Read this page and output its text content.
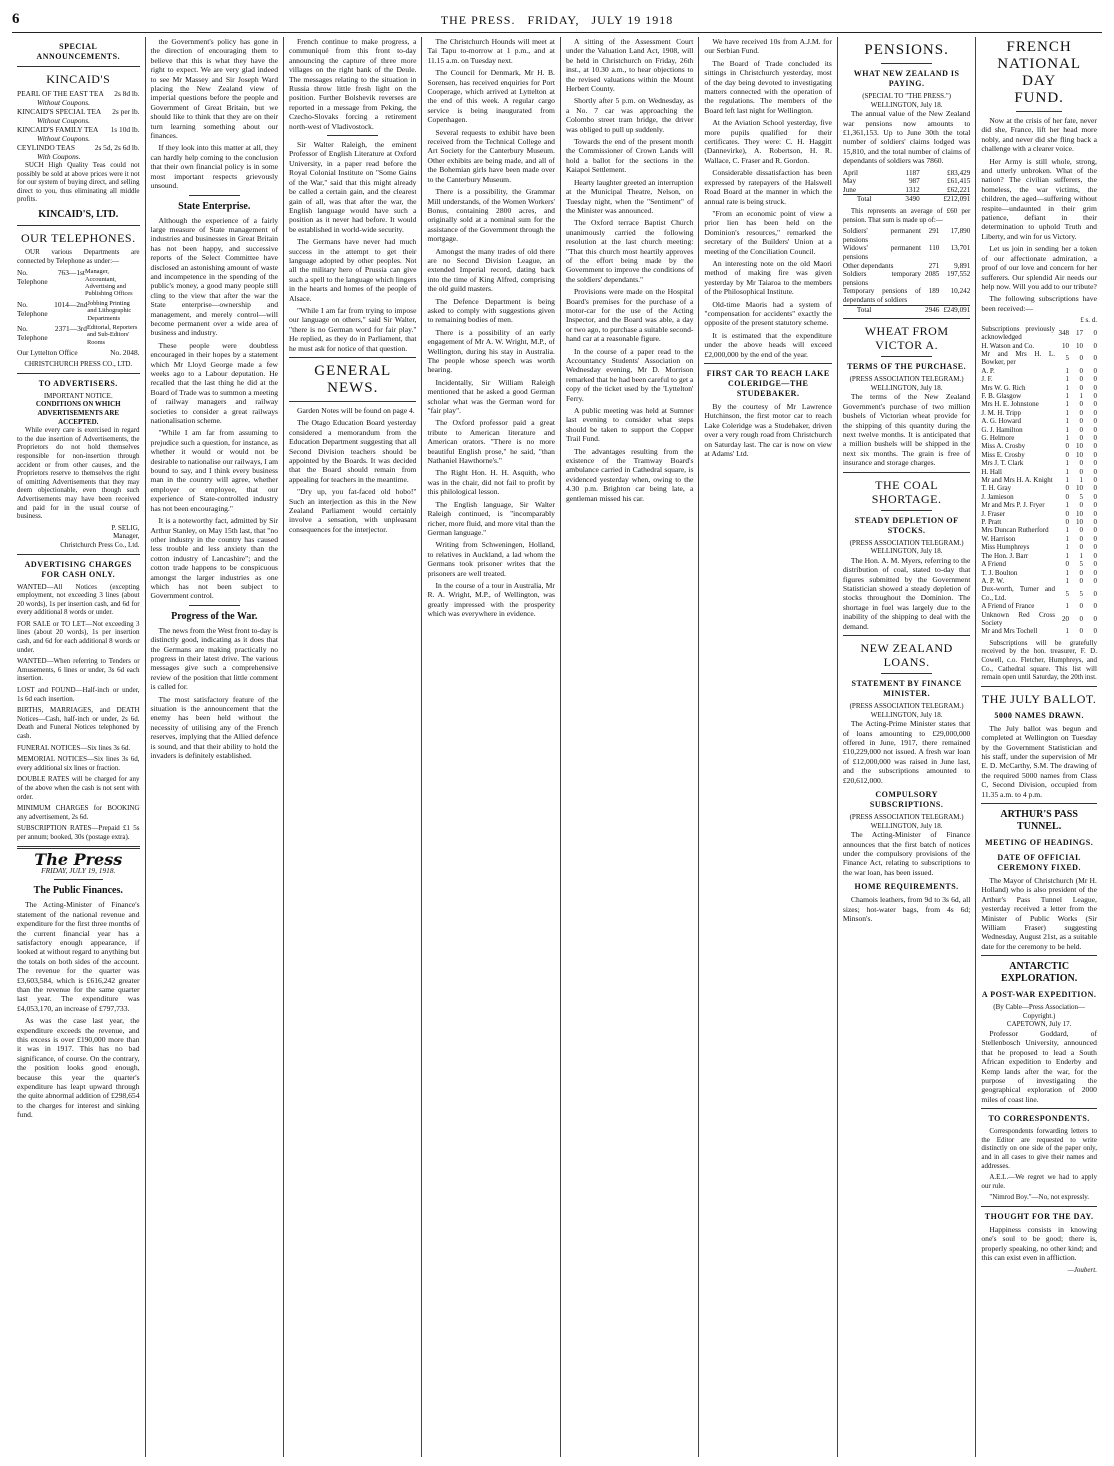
6	THE PRESS. FRIDAY, JULY 19 1918
SPECIAL ANNOUNCEMENTS.
KINCAID'S
PEARL OF THE EAST TEA 2s 8d lb.
Without Coupons.
KINCAID'S SPECIAL TEA 2s per lb.
Without Coupons.
KINCAID'S FAMILY TEA 1s 10d lb.
Without Coupons.
CEYLINDO TEAS	2s 5d, 2s 6d lb.
With Coupons.

SUCH High Quality Teas could not possibly be sold at above prices were it not for our system of buying direct, and selling direct to you, thus eliminating all middle profits.

KINCAID'S, LTD.
OUR TELEPHONES.

OUR various Departments are connected by Telephone as under:—

No. 763—1st Telephone
Manager, Accountant, Advertising and Publishing Offices
No. 1014—2nd Telephone
Jobbing Printing and Lithographic Departments
No. 2371—3rd Telephone
Editorial, Reporters and Sub-Editors' Rooms
Our Lyttelton Office	No. 2048.
CHRISTCHURCH PRESS CO., LTD.
TO ADVERTISERS.
IMPORTANT NOTICE.
CONDITIONS ON WHICH ADVERTISEMENTS ARE ACCEPTED.

While every care is exercised in regard to the due insertion of Advertisements, the Proprietors do not hold themselves responsible for non-insertion through accident or from other causes, and the Proprietors reserve to themselves the right of omitting Advertisements that they may deem objectionable, even though such Advertisements may have been received and paid for in the usual course of business.

P. SELIG,
Manager,
Christchurch Press Co., Ltd.
ADVERTISING CHARGES FOR CASH ONLY.

WANTED—All Notices (excepting employment, not exceeding 3 lines (about 20 words), 1s per insertion cash, and 6d for every additional 8 words or under.

FOR SALE or TO LET—Not exceeding 3 lines (about 20 words), 1s per insertion cash, and 6d for each additional 8 words or under.

WANTED—When referring to Tenders or Amusements, 6 lines or under, 3s 6d each insertion.

LOST and FOUND—Half-inch or under, 1s 6d each insertion.

BIRTHS, MARRIAGES, and DEATH Notices—Cash, half-inch or under, 2s 6d. Death and Funeral Notices telephoned by cash.

FUNERAL NOTICES—Six lines 3s 6d.

MEMORIAL NOTICES—Six lines 3s 6d, every additional six lines or fraction.

DOUBLE RATES will be charged for any of the above when the cash is not sent with order.

MINIMUM CHARGES for BOOKING any advertisement, 2s 6d.

SUBSCRIPTION RATES—Prepaid £1 5s per annum; booked, 30s (postage extra).

The Press
FRIDAY, JULY 19, 1918.
The Public Finances.

The Acting-Minister of Finance's statement of the national revenue and expenditure for the first three months of the current financial year has a satisfactory enough appearance, if looked at without regard to anything but the totals on both sides of the account. The revenue for the quarter was £3,603,584, which is £616,242 greater than the revenue for the same quarter last year. The expenditure was £4,053,170, an increase of £797,733.

As was the case last year, the expenditure exceeds the revenue, and this excess is over £190,000 more than it was in 1917. This has no bad significance, of course. On the contrary, the position looks good enough, because this year the quarter's expenditure has leapt upward through the quite abnormal addition of £298,654 to the charges for interest and sinking fund.

the Government's policy has gone in the direction of encouraging them to believe that this is what they have the right to expect. We are very glad indeed to see Mr Massey and Sir Joseph Ward placing the New Zealand view of imperial questions before the people and Government of Great Britain, but we should like to think that they are on their turn learning something about our finances.

If they look into this matter at all, they can hardly help coming to the conclusion that their own financial policy is in some most important respects grievously unsound.

State Enterprise.

Although the experience of a fairly large measure of State management of industries and businesses in Great Britain has not been happy, and successive reports of the Select Committee have disclosed an astonishing amount of waste and incompetence in the spending of the public's money, a good many people still cling to the view that after the war the State enterprise—ownership and management, and merely control—will become permanent over a wide area of business and industry.

These people were doubtless encouraged in their hopes by a statement which Mr Lloyd George made a few weeks ago to a Labour deputation. He recalled that the last thing he did at the Board of Trade was to summon a meeting of railway managers and railway societies to consider a great railways nationalisation scheme.

"While I am far from assuming to prejudice such a question, for instance, as whether it would or would not be desirable to nationalise our railways, I am bound to say, and I think every business man in the country will agree, whether employer or employee, that our experience of State-controlled industry has not been encouraging."

It is a noteworthy fact, admitted by Sir Arthur Stanley, on May 15th last, that "no other industry in the country has caused less trouble and less anxiety than the cotton industry of Lancashire"; and the cotton trade happens to be conspicuous amongst the larger industries as one which has not been subject to Government control.

Progress of the War.

The news from the West front to-day is distinctly good, indicating as it does that the Germans are making practically no progress in their latest drive. The various messages give such a comprehensive review of the position that little comment is called for.

The most satisfactory feature of the situation is the announcement that the enemy has been held without the necessity of utilising any of the French reserves, implying that the Allied defence is sound, and that their ability to hold the invaders is definitely established.

French continue to make progress, a communiqué from this front to-day announcing the capture of three more villages on the right bank of the Deule. The messages relating to the situation in Russia throw little fresh light on the position. Further Bolshevik reverses are reported in a message from Peking, the Czecho-Slovaks forcing a retirement north-west of Vladivostock.

Sir Walter Raleigh, the eminent Professor of English Literature at Oxford University, in a paper read before the Royal Colonial Institute on "Some Gains of the War," said that this might already be called a certain gain, and the clearest gain of all, was that after the war, the English language would have such a position as it never had before. It would be established in world-wide security.

The Germans have never had much success in the attempt to get their language adopted by other peoples. Not all the military hero of Prussia can give such a spell to the language which lingers in the hearts and homes of the people of Alsace.

"While I am far from trying to impose our language on others," said Sir Walter, "there is no German word for fair play." He replied, as they do in Parliament, that he must ask for notice of that question.

GENERAL NEWS.

Garden Notes will be found on page 4.

The Otago Education Board yesterday considered a memorandum from the Education Department suggesting that all Second Division teachers should be appointed by the Boards. It was decided that the Board should remain from appealing for teachers in the meantime.

"Dry up, you fat-faced old hobo!" Such an interjection as this in the New Zealand Parliament would certainly involve a sensation, with unpleasant consequences for the interjector.

The Christchurch Hounds will meet at Tai Tapu to-morrow at 1 p.m., and at 11.15 a.m. on Tuesday next.

The Council for Denmark, Mr H. B. Sorensen, has received enquiries for Port Cooperage, which arrived at Lyttelton at the end of this week. A regular cargo service is being inaugurated from Copenhagen.

Several requests to exhibit have been received from the Technical College and Art Society for the Canterbury Museum. Other exhibits are being made, and all of the Bohemian girls have been made over to the Canterbury Museum.

There is a possibility, the Grammar Mill understands, of the Women Workers' Bonus, containing 2800 acres, and originally sold at a nominal sum for the assistance of the Government through the mortgage.

Amongst the many trades of old there are no Second Division League, an extended Imperial record, dating back into the time of King Alfred, comprising the old guild masters.

The Defence Department is being asked to comply with suggestions given to remaining bodies of men.

There is a possibility of an early engagement of Mr A. W. Wright, M.P., of Wellington, during his stay in Australia. The people whose speech was worth hearing.

Incidentally, Sir William Raleigh mentioned that he asked a good German scholar what was the German word for "fair play".

The Oxford professor paid a great tribute to American literature and American orators. "There is no more beautiful English prose," he said, "than Nathaniel Hawthorne's."

The Right Hon. H. H. Asquith, who was in the chair, did not fail to profit by this philological lesson.

The English language, Sir Walter Raleigh continued, is "incomparably richer, more fluid, and more vital than the German language."

Writing from Schweningen, Holland, to relatives in Auckland, a lad whom the Germans took prisoner writes that the prisoners are well treated.

In the course of a tour in Australia, Mr R. A. Wright, M.P., of Wellington, was greatly impressed with the prosperity which was everywhere in evidence.

A sitting of the Assessment Court under the Valuation Land Act, 1908, will be held in Christchurch on Friday, 26th inst., at 10.30 a.m., to hear objections to the revised valuations within the Mount Herbert County.

Shortly after 5 p.m. on Wednesday, as a No. 7 car was approaching the Colombo street tram bridge, the driver was obliged to pull up suddenly.

Towards the end of the present month the Commissioner of Crown Lands will hold a ballot for the sections in the Kaiapoi Settlement.

Hearty laughter greeted an interruption at the Municipal Theatre, Nelson, on Tuesday night, when the "Sentiment" of the Minister was announced.

The Oxford terrace Baptist Church unanimously carried the following resolution at the last church meeting: "That this church most heartily approves of the effort being made by the Government to improve the conditions of the soldiers' dependants."

Provisions were made on the Hospital Board's premises for the purchase of a motor-car for the use of the Acting Inspector, and the Board was able, a day or two ago, to purchase a suitable second-hand car at a reasonable figure.

In the course of a paper read to the Accountancy Students' Association on Wednesday evening, Mr D. Morrison remarked that he had been careful to get a copy of the ticket used by the 'Lyttelton' Ferry.

A public meeting was held at Sumner last evening to consider what steps should be taken to support the Copper Trail Fund.

The advantages resulting from the existence of the Tramway Board's ambulance carried in Cathedral square, is evidenced yesterday when, owing to the 4.30 p.m. Brighton car being late, a gentleman missed his car.

We have received 10s from A.J.M. for our Serbian Fund.

The Board of Trade concluded its sittings in Christchurch yesterday, most of the day being devoted to investigating matters connected with the operation of the regulations. The members of the Board left last night for Wellington.

At the Aviation School yesterday, five more pupils qualified for their certificates. They were: C. H. Haggitt (Dannevirke), A. Robertson, H. R. Wallace, C. Fraser and R. Gordon.

Considerable dissatisfaction has been expressed by ratepayers of the Halswell Road Board at the manner in which the annual rate is being struck.

"From an economic point of view a prior lien has been held on the Dominion's resources," remarked the secretary of the Builders' Union at a meeting of the Conciliation Council.

An interesting note on the old Maori method of making fire was given yesterday by Mr Taiaroa to the members of the Philosophical Institute.

Old-time Maoris had a system of "compensation for accidents" exactly the opposite of the present statutory scheme.

It is estimated that the expenditure under the above heads will exceed £2,000,000 by the end of the year.

FIRST CAR TO REACH LAKE COLERIDGE—THE STUDEBAKER.

By the courtesy of Mr Lawrence Hutchinson, the first motor car to reach Lake Coleridge was a Studebaker, driven over a very rough road from Christchurch on Saturday last. The car is now on view at Adams' Ltd.

PENSIONS.
WHAT NEW ZEALAND IS PAYING.
(SPECIAL TO "THE PRESS.")
WELLINGTON, July 18.

The annual value of the New Zealand war pensions now amounts to £1,361,153. Up to June 30th the total number of soldiers' claims lodged was 15,810, and the total number of claims of dependants of soldiers was 7860.

April	1187	£83,429
May	987	£61,415
June	1312	£62,221
Total	3490	£212,091

This represents an average of £60 per pension. That sum is made up of:—

Soldiers' permanent pensions	291	17,890
Widows' permanent pensions	110	13,701
Other dependants	271	9,891
Soldiers temporary pensions	2085	197,552
Temporary pensions of dependants of soldiers	189	10,242
Total	2946	£249,091
WHEAT FROM VICTOR A.
TERMS OF THE PURCHASE.
(PRESS ASSOCIATION TELEGRAM.)
WELLINGTON, July 18.

The terms of the New Zealand Government's purchase of two million bushels of Victorian wheat provide for the shipping of this quantity during the next twelve months. It is anticipated that a million bushels will be shipped in the next six months. The grain is free of insurance and storage charges.

THE COAL SHORTAGE.
STEADY DEPLETION OF STOCKS.
(PRESS ASSOCIATION TELEGRAM.)
WELLINGTON, July 18.

The Hon. A. M. Myers, referring to the distribution of coal, stated to-day that figures submitted by the Government Statistician showed a steady depletion of stocks throughout the Dominion. The shortage in fuel was largely due to the inability of the shipping to deal with the demand.

NEW ZEALAND LOANS.
STATEMENT BY FINANCE MINISTER.
(PRESS ASSOCIATION TELEGRAM.)
WELLINGTON, July 18.

The Acting-Prime Minister states that of loans amounting to £29,000,000 offered in June, 1917, there remained £10,229,000 not issued. A fresh war loan of £12,000,000 was raised in June last, and the subscriptions amounted to £20,612,000.

COMPULSORY SUBSCRIPTIONS.
(PRESS ASSOCIATION TELEGRAM.)
WELLINGTON, July 18.

The Acting-Minister of Finance announces that the first batch of notices under the compulsory provisions of the Finance Act, relating to subscriptions to the war loan, has been issued.

HOME REQUIREMENTS.

Chamois leathers, from 9d to 3s 6d, all sizes; hot-water bags, from 4s 6d; Minson's.

FRENCH
NATIONAL DAY
FUND.

Now at the crisis of her fate, never did she, France, lift her head more nobly, and never did she fling back a challenge with a clearer voice.

Her Army is still whole, strong, and utterly unbroken. What of the nation? The civilian sufferers, the homeless, the war victims, the children, the aged—suffering without respite—undaunted in their grim patience, defiant in their determination to uphold Truth and Liberty, and win for us Victory.

Let us join in sending her a token of our affectionate admiration, a proof of our love and concern for her sufferers. Our splendid Air needs our help now. Will you add to our tribute?

The following subscriptions have been received:—

£ s. d.
Subscriptions previously acknowledged	348	17	0
H. Watson and Co.	10	10	0
Mr and Mrs H. L. Bowker, per	5	0	0
A. P.	1	0	0
J. F.	1	0	0
Mrs W. G. Rich	1	0	0
F. B. Glasgow	1	1	0
Mrs H. E. Johnstone	1	0	0
J. M. H. Tripp	1	0	0
A. G. Howard	1	0	0
G. J. Hamilton	1	0	0
G. Helmore	1	0	0
Miss A. Crosby	0	10	0
Miss E. Crosby	0	10	0
Mrs J. T. Clark	1	0	0
H. Hall	1	0	0
Mr and Mrs H. A. Knight	1	1	0
T. H. Gray	0	10	0
J. Jamieson	0	5	0
Mr and Mrs P. J. Fryer	1	0	0
J. Fraser	0	10	0
P. Pratt	0	10	0
Mrs Duncan Rutherford	1	0	0
W. Harrison	1	0	0
Miss Humphreys	1	0	0
The Hon. J. Barr	1	1	0
A Friend	0	5	0
T. J. Boulton	1	0	0
A. P. W.	1	0	0
Dux-worth, Turner and Co., Ltd.	5	5	0
A Friend of France	1	0	0
Unknown Red Cross Society	20	0	0
Mr and Mrs Tochell	1	0	0

Subscriptions will be gratefully received by the hon. treasurer, F. D. Cowell, c.o. Fletcher, Humphreys, and Co., Cathedral square. This list will remain open until Saturday, the 20th inst.

THE JULY BALLOT.
5000 NAMES DRAWN.

The July ballot was begun and completed at Wellington on Tuesday by the Government Statistician and his staff, under the supervision of Mr E. D. McCarthy, S.M. The drawing of the required 5000 names from Class C, Second Division, occupied from 11.35 a.m. to 4 p.m.

ARTHUR'S PASS TUNNEL.
MEETING OF HEADINGS.
DATE OF OFFICIAL CEREMONY FIXED.

The Mayor of Christchurch (Mr H. Holland) who is also president of the Arthur's Pass Tunnel League, yesterday received a letter from the Minister of Public Works (Sir William Fraser) suggesting Wednesday, August 21st, as a suitable date for the ceremony to be held.

ANTARCTIC EXPLORATION.
A POST-WAR EXPEDITION.
(By Cable—Press Association—Copyright.)
CAPETOWN, July 17.

Professor Goddard, of Stellenbosch University, announced that he proposed to lead a South African expedition to Enderby and Kemp lands after the war, for the purpose of investigating the geographical exploration of 2000 miles of coast line.

TO CORRESPONDENTS.

Correspondents forwarding letters to the Editor are requested to write distinctly on one side of the paper only, and in all cases to give their names and addresses.

A.E.L.—We regret we had to apply our rule.

"Nimrod Boy."—No, not expressly.

THOUGHT FOR THE DAY.

Happiness consists in knowing one's soul to be good; there is, properly speaking, no other kind; and this can exist even in affliction.

—Joubert.
